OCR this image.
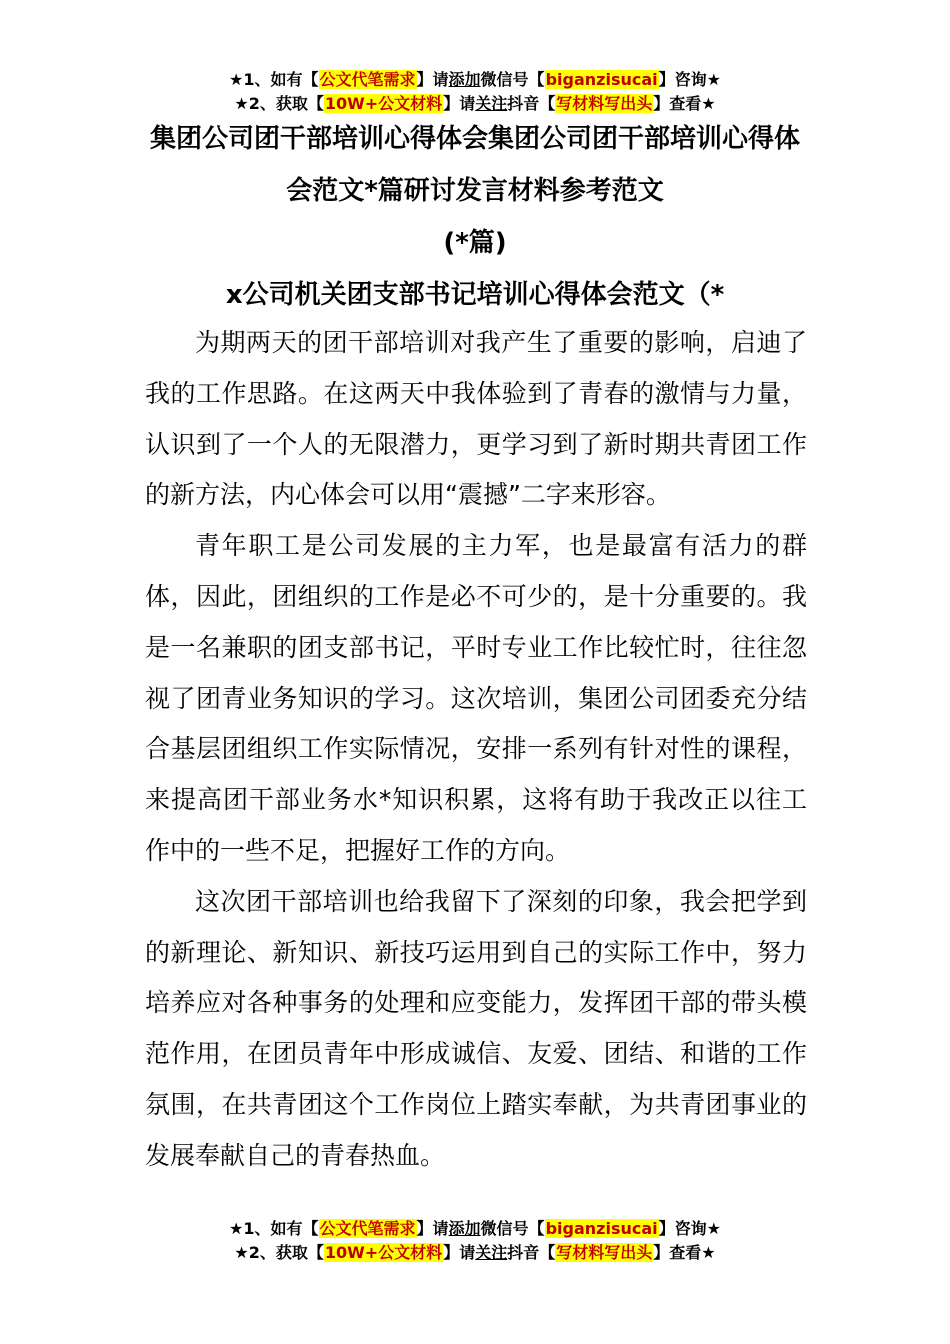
★1、如有【公文代笔需求】请添加微信号【biganzisucai】咨询★
★2、获取【10W+公文材料】请关注抖音【写材料写出头】查看★
集团公司团干部培训心得体会集团公司团干部培训心得体
会范文*篇研讨发言材料参考范文
(*篇)
x公司机关团支部书记培训心得体会范文（*

为期两天的团干部培训对我产生了重要的影响，启迪了我的工作思路。在这两天中我体验到了青春的激情与力量，认识到了一个人的无限潜力，更学习到了新时期共青团工作的新方法，内心体会可以用“震撼”二字来形容。

青年职工是公司发展的主力军，也是最富有活力的群体，因此，团组织的工作是必不可少的，是十分重要的。我是一名兼职的团支部书记，平时专业工作比较忙时，往往忽视了团青业务知识的学习。这次培训，集团公司团委充分结合基层团组织工作实际情况，安排一系列有针对性的课程，来提高团干部业务水*知识积累，这将有助于我改正以往工作中的一些不足，把握好工作的方向。

这次团干部培训也给我留下了深刻的印象，我会把学到的新理论、新知识、新技巧运用到自己的实际工作中，努力培养应对各种事务的处理和应变能力，发挥团干部的带头模范作用，在团员青年中形成诚信、友爱、团结、和谐的工作氛围，在共青团这个工作岗位上踏实奉献，为共青团事业的发展奉献自己的青春热血。

★1、如有【公文代笔需求】请添加微信号【biganzisucai】咨询★
★2、获取【10W+公文材料】请关注抖音【写材料写出头】查看★
